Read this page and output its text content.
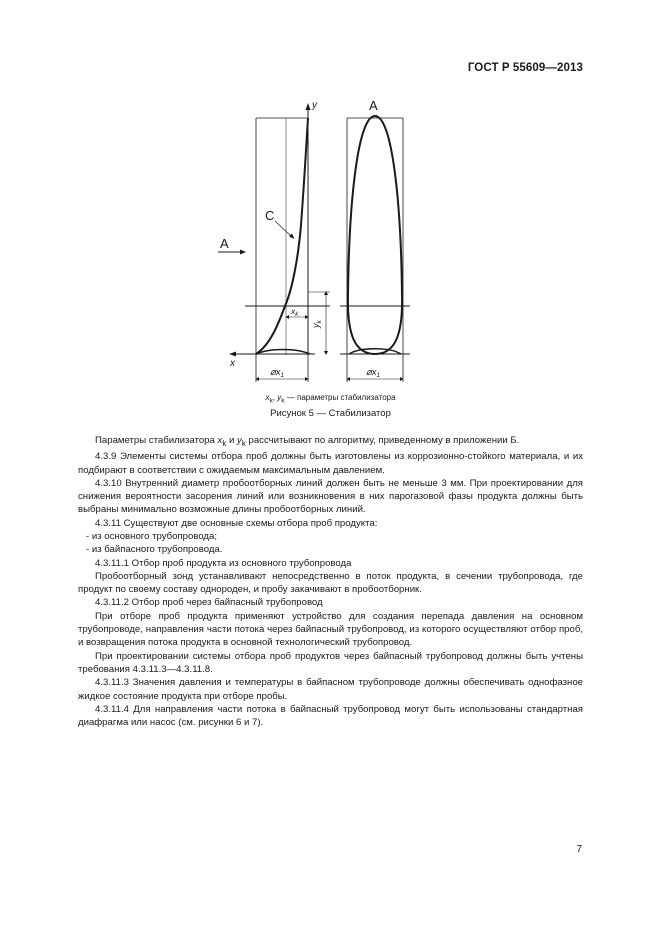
ГОСТ Р 55609—2013
y
x
A
A
C
$x_k$
$y_k$
$⌀x_1$	$⌀x_1$
$x_k$, $y_k$ — параметры стабилизатора
Рисунок 5 — Стабилизатор

Параметры стабилизатора $x_k$ и $y_k$ рассчитывают по алгоритму, приведенному в приложении Б.

4.3.9 Элементы системы отбора проб должны быть изготовлены из коррозионно-стойкого материала, и их подбирают в соответствии с ожидаемым максимальным давлением.

4.3.10 Внутренний диаметр пробоотборных линий должен быть не меньше 3 мм. При проектировании для снижения вероятности засорения линий или возникновения в них парогазовой фазы продукта должны быть выбраны минимально возможные длины пробоотборных линий.

4.3.11 Существуют две основные схемы отбора проб продукта:

- из основного трубопровода;

- из байпасного трубопровода.

4.3.11.1 Отбор проб продукта из основного трубопровода

Пробоотборный зонд устанавливают непосредственно в поток продукта, в сечении трубопровода, где продукт по своему составу однороден, и пробу закачивают в пробоотборник.

4.3.11.2 Отбор проб через байпасный трубопровод

При отборе проб продукта применяют устройство для создания перепада давления на основном трубопроводе, направления части потока через байпасный трубопровод, из которого осуществляют отбор проб, и возвращения потока продукта в основной технологический трубопровод.

При проектировании системы отбора проб продуктов через байпасный трубопровод должны быть учтены требования 4.3.11.3—4.3.11.8.

4.3.11.3 Значения давления и температуры в байпасном трубопроводе должны обеспечивать однофазное жидкое состояние продукта при отборе пробы.

4.3.11.4 Для направления части потока в байпасный трубопровод могут быть использованы стандартная диафрагма или насос (см. рисунки 6 и 7).

7
